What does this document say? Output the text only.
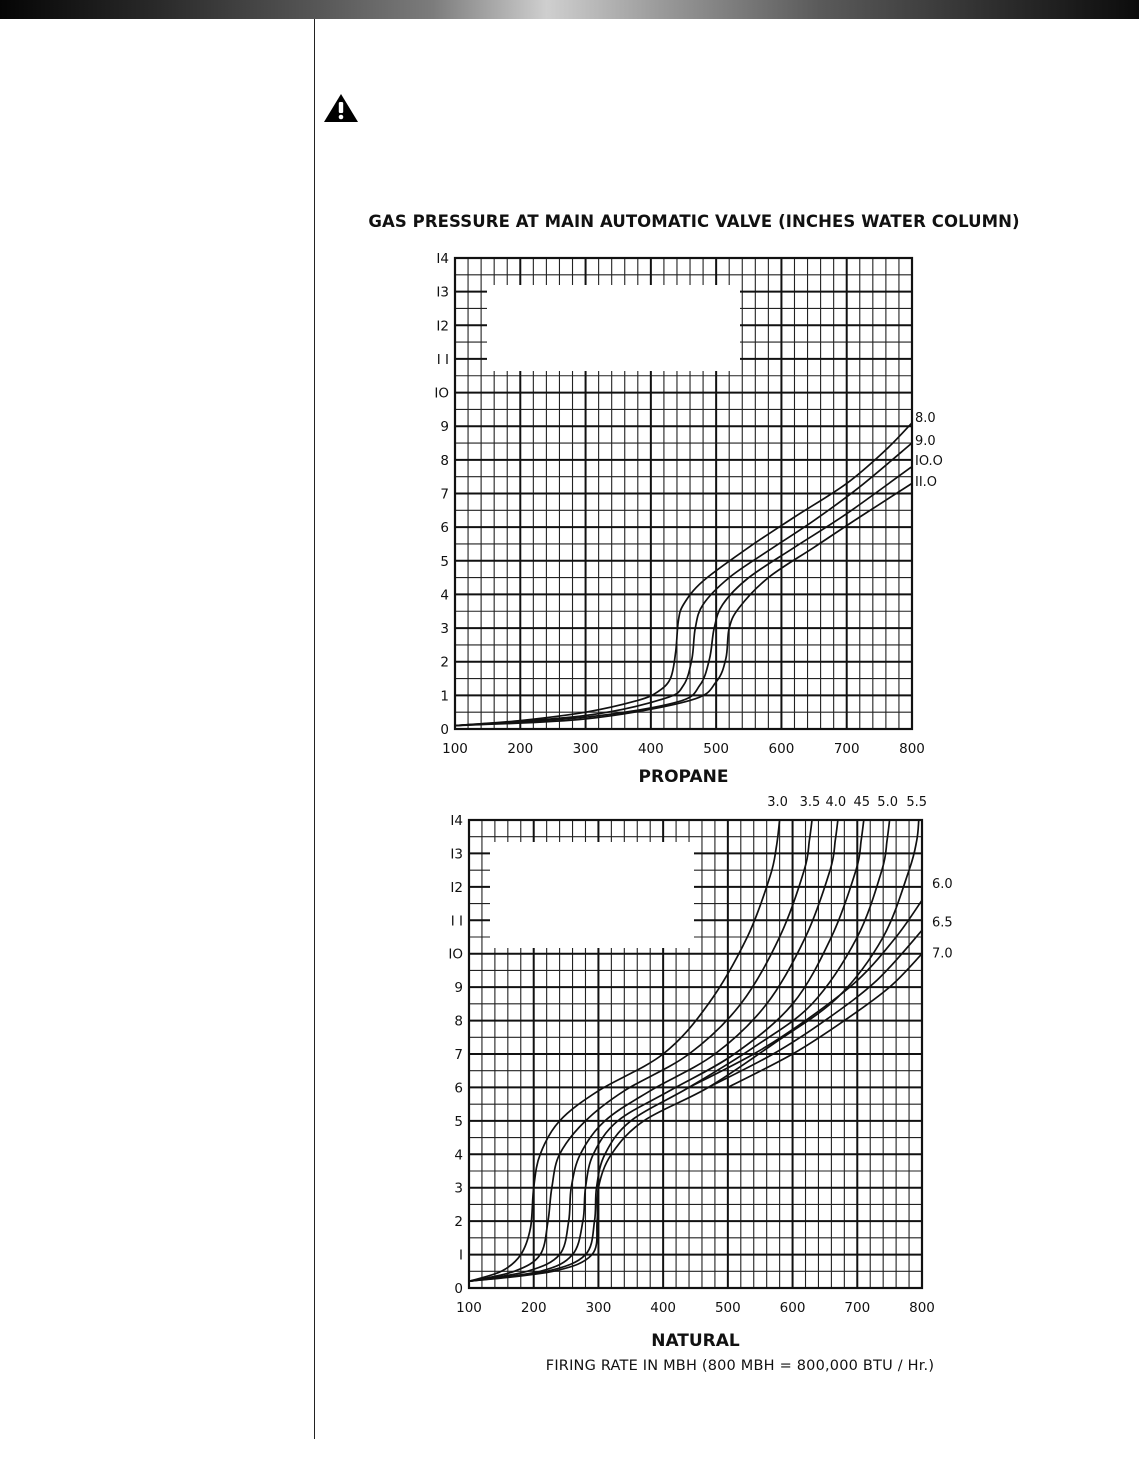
GAS PRESSURE AT MAIN AUTOMATIC VALVE (INCHES WATER COLUMN)
0
1
2
3
4
5
6
7
8
9
IO
I I
I2
I3
I4
100	200	300	400	500	600	700	800
PROPANE
8.0
9.0
IO.O
II.O
0
I
2
3
4
5
6
7
8
9
IO
I I
I2
I3
I4
100	200	300	400	500	600	700	800
NATURAL
3.0 3.5 4.0 45 5.0 5.5
6.0
6.5
7.0
FIRING RATE IN MBH (800 MBH = 800,000 BTU / Hr.)
